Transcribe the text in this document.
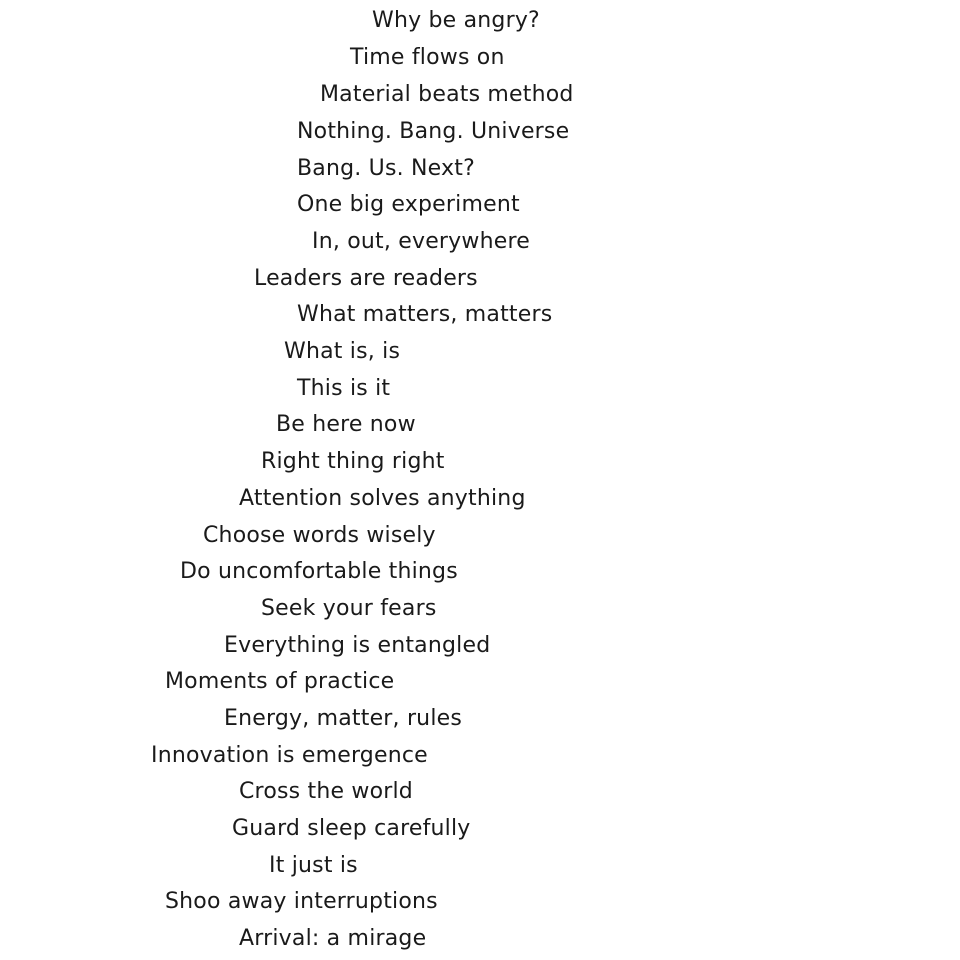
Why be angry?
Time flows on
Material beats method
Nothing. Bang. Universe
Bang. Us. Next?
One big experiment
In, out, everywhere
Leaders are readers
What matters, matters
What is, is
This is it
Be here now
Right thing right
Attention solves anything
Choose words wisely
Do uncomfortable things
Seek your fears
Everything is entangled
Moments of practice
Energy, matter, rules
Innovation is emergence
Cross the world
Guard sleep carefully
It just is
Shoo away interruptions
Arrival: a mirage
